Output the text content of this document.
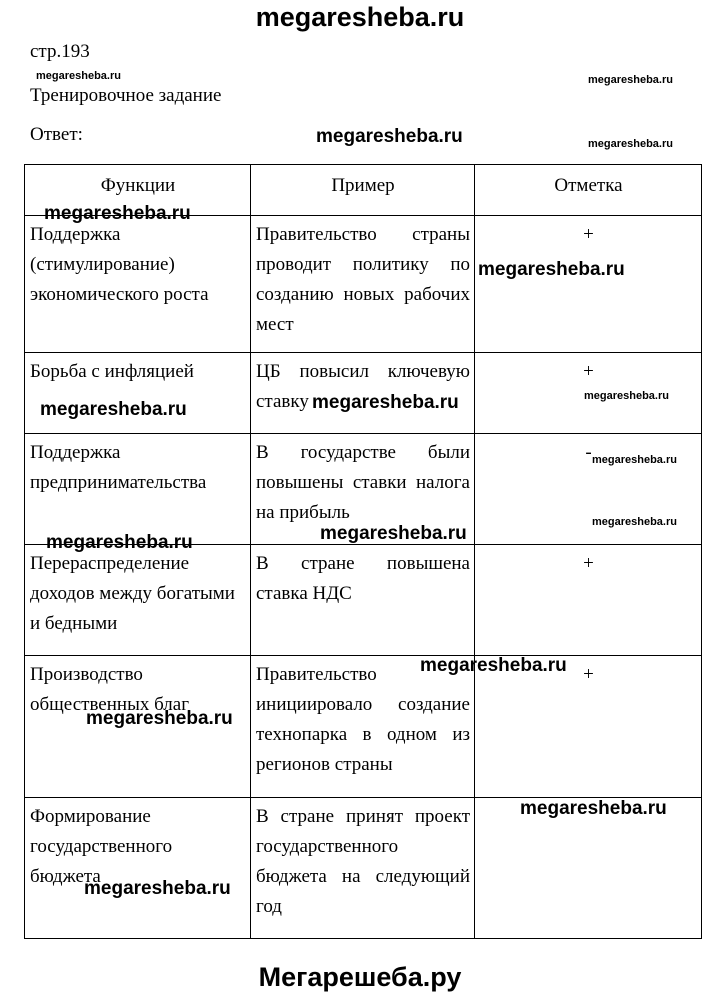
megaresheba.ru
стр.193
Тренировочное задание
Ответ:
Функции	Пример	Отметка
Поддержка (стимулирование) экономического роста	Правительство страны проводит политику по созданию новых рабочих мест	+
Борьба с инфляцией	ЦБ повысил ключевую ставку	+
Поддержка предпринимательства	В государстве были повышены ставки налога на прибыль	-
Перераспределение доходов между богатыми и бедными	В стране повышена ставка НДС	+
Производство общественных благ	Правительство инициировало создание технопарка в одном из регионов страны	+
Формирование государственного бюджета	В стране принят проект государственного бюджета на следующий год	
megaresheba.ru	megaresheba.ru
megaresheba.ru	megaresheba.ru
megaresheba.ru
megaresheba.ru
megaresheba.ru	megaresheba.ru	megaresheba.ru
megaresheba.ru
megaresheba.ru
megaresheba.ru
megaresheba.ru
megaresheba.ru
megaresheba.ru
megaresheba.ru
megaresheba.ru
Мегарешеба.ру
